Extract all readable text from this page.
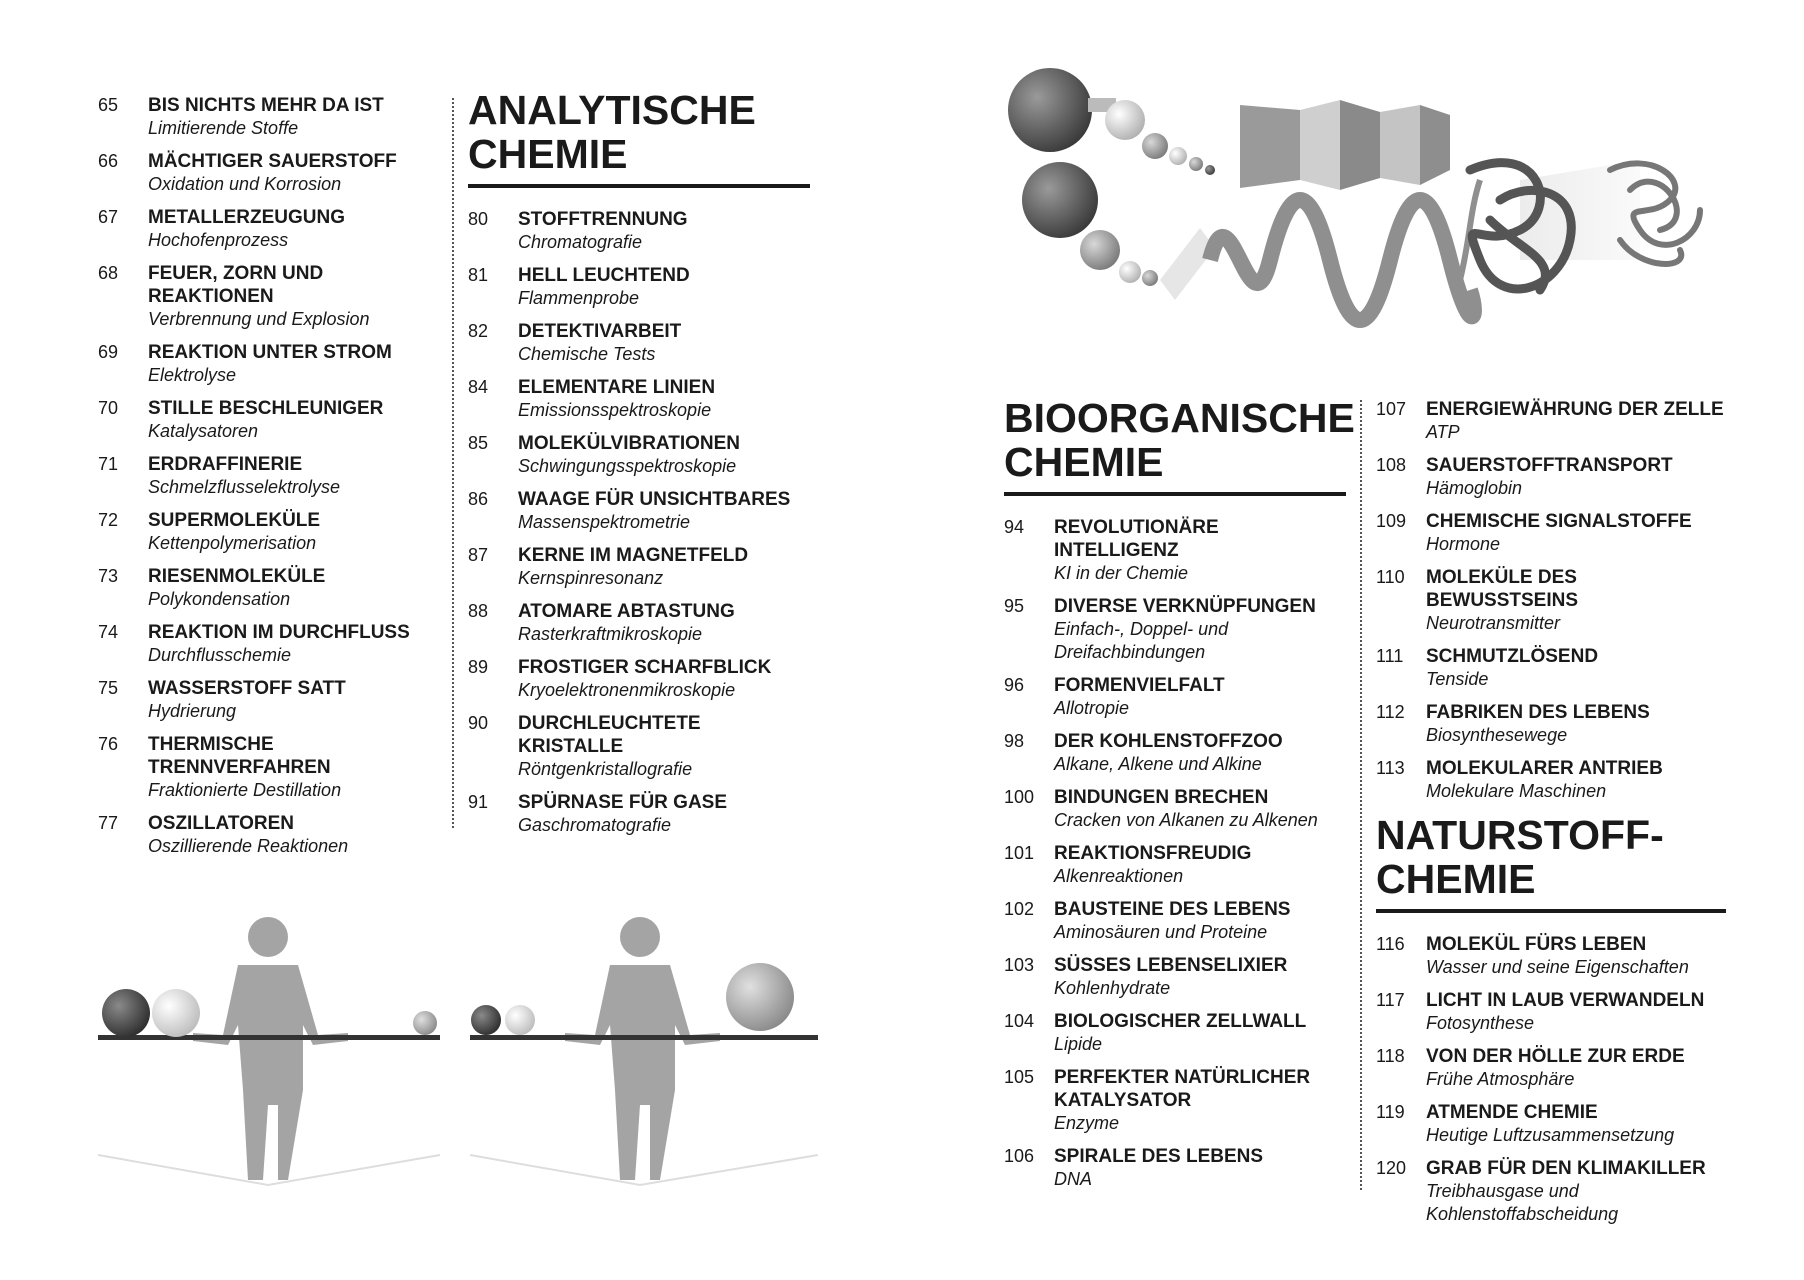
65	BIS NICHTS MEHR DA IST
Limitierende Stoffe
66	MÄCHTIGER SAUERSTOFF
Oxidation und Korrosion
67	METALLERZEUGUNG
Hochofenprozess
68	FEUER, ZORN UND REAKTIONEN
Verbrennung und Explosion
69	REAKTION UNTER STROM
Elektrolyse
70	STILLE BESCHLEUNIGER
Katalysatoren
71	ERDRAFFINERIE
Schmelzflusselektrolyse
72	SUPERMOLEKÜLE
Kettenpolymerisation
73	RIESENMOLEKÜLE
Polykondensation
74	REAKTION IM DURCHFLUSS
Durchflusschemie
75	WASSERSTOFF SATT
Hydrierung
76	THERMISCHE TRENNVERFAHREN
Fraktionierte Destillation
77	OSZILLATOREN
Oszillierende Reaktionen
ANALYTISCHE
CHEMIE
80	STOFFTRENNUNG
Chromatografie
81	HELL LEUCHTEND
Flammenprobe
82	DETEKTIVARBEIT
Chemische Tests
84	ELEMENTARE LINIEN
Emissionsspektroskopie
85	MOLEKÜLVIBRATIONEN
Schwingungsspektroskopie
86	WAAGE FÜR UNSICHTBARES
Massenspektrometrie
87	KERNE IM MAGNETFELD
Kernspinresonanz
88	ATOMARE ABTASTUNG
Rasterkraftmikroskopie
89	FROSTIGER SCHARFBLICK
Kryoelektronenmikroskopie
90	DURCHLEUCHTETE KRISTALLE
Röntgenkristallografie
91	SPÜRNASE FÜR GASE
Gaschromatografie
BIOORGANISCHE
CHEMIE
94	REVOLUTIONÄRE INTELLIGENZ
KI in der Chemie
95	DIVERSE VERKNÜPFUNGEN
Einfach-, Doppel- und Dreifachbindungen
96	FORMENVIELFALT
Allotropie
98	DER KOHLENSTOFFZOO
Alkane, Alkene und Alkine
100	BINDUNGEN BRECHEN
Cracken von Alkanen zu Alkenen
101	REAKTIONSFREUDIG
Alkenreaktionen
102	BAUSTEINE DES LEBENS
Aminosäuren und Proteine
103	SÜSSES LEBENSELIXIER
Kohlenhydrate
104	BIOLOGISCHER ZELLWALL
Lipide
105	PERFEKTER NATÜRLICHER KATALYSATOR
Enzyme
106	SPIRALE DES LEBENS
DNA
107	ENERGIEWÄHRUNG DER ZELLE
ATP
108	SAUERSTOFFTRANSPORT
Hämoglobin
109	CHEMISCHE SIGNALSTOFFE
Hormone
110	MOLEKÜLE DES BEWUSSTSEINS
Neurotransmitter
111	SCHMUTZLÖSEND
Tenside
112	FABRIKEN DES LEBENS
Biosynthesewege
113	MOLEKULARER ANTRIEB
Molekulare Maschinen
NATURSTOFF-
CHEMIE
116	MOLEKÜL FÜRS LEBEN
Wasser und seine Eigenschaften
117	LICHT IN LAUB VERWANDELN
Fotosynthese
118	VON DER HÖLLE ZUR ERDE
Frühe Atmosphäre
119	ATMENDE CHEMIE
Heutige Luftzusammensetzung
120	GRAB FÜR DEN KLIMAKILLER
Treibhausgase und Kohlenstoffabscheidung
